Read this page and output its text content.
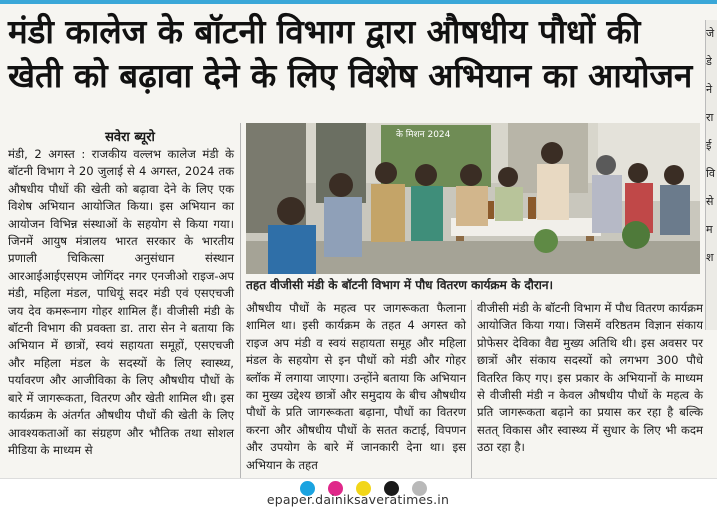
मंडी कालेज के बॉटनी विभाग द्वारा औषधीय पौधों की खेती को बढ़ावा देने के लिए विशेष अभियान का आयोजन
जे
डे
ने
रा
ई
वि
से
म
श
सवेरा ब्यूरो

मंडी, 2 अगस्त : राजकीय वल्लभ कालेज मंडी के बॉटनी विभाग ने 20 जुलाई से 4 अगस्त, 2024 तक औषधीय पौधों की खेती को बढ़ावा देने के लिए एक विशेष अभियान आयोजित किया। इस अभियान का आयोजन विभिन्न संस्थाओं के सहयोग से किया गया। जिनमें आयुष मंत्रालय भारत सरकार के भारतीय प्रणाली चिकित्सा अनुसंधान संस्थान आरआईआईएसएम जोगिंदर नगर एनजीओ राइज-अप मंडी, महिला मंडल, पाधियूं सदर मंडी एवं एसएचजी जय देव कमरूनाग गोहर शामिल हैं। वीजीसी मंडी के बॉटनी विभाग की प्रवक्ता डा. तारा सेन ने बताया कि अभियान में छात्रों, स्वयं सहायता समूहों, एसएचजी और महिला मंडल के सदस्यों के लिए स्वास्थ्य, पर्यावरण और आजीविका के लिए औषधीय पौधों के बारे में जागरूकता, वितरण और खेती शामिल थी। इस कार्यक्रम के अंतर्गत औषधीय पौधों की खेती के लिए आवश्यकताओं का संग्रहण और भौतिक तथा सोशल मीडिया के माध्यम से

के मिशन 2024
तहत वीजीसी मंडी के बॉटनी विभाग में पौध वितरण कार्यक्रम के दौरान।

औषधीय पौधों के महत्व पर जागरूकता फैलाना शामिल था। इसी कार्यक्रम के तहत 4 अगस्त को राइज अप मंडी व स्वयं सहायता समूह और महिला मंडल के सहयोग से इन पौधों को मंडी और गोहर ब्लॉक में लगाया जाएगा। उन्होंने बताया कि अभियान का मुख्य उद्देश्य छात्रों और समुदाय के बीच औषधीय पौधों के प्रति जागरूकता बढ़ाना, पौधों का वितरण करना और औषधीय पौधों के सतत कटाई, विपणन और उपयोग के बारे में जानकारी देना था। इस अभियान के तहत

वीजीसी मंडी के बॉटनी विभाग में पौध वितरण कार्यक्रम आयोजित किया गया। जिसमें वरिष्ठतम विज्ञान संकाय प्रोफेसर देविका वैद्य मुख्य अतिथि थी। इस अवसर पर छात्रों और संकाय सदस्यों को लगभग 300 पौधे वितरित किए गए। इस प्रकार के अभियानों के माध्यम से वीजीसी मंडी न केवल औषधीय पौधों के महत्व के प्रति जागरूकता बढ़ाने का प्रयास कर रहा है बल्कि सतत् विकास और स्वास्थ्य में सुधार के लिए भी कदम उठा रहा है।

epaper.dainiksaveratimes.in
